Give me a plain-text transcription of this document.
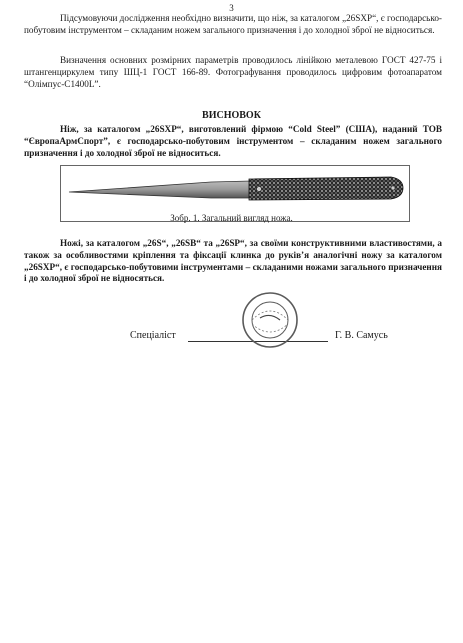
3
Підсумовуючи дослідження необхідно визначити, що ніж, за каталогом „26SXP“, є господарсько-побутовим інструментом – складаним ножем загального призначення і до холодної зброї не відноситься.
Визначення основних розмірних параметрів проводилось лінійкою металевою ГОСТ 427-75 і штангенциркулем типу ШЦ-1 ГОСТ 166-89. Фотографування проводилось цифровим фотоапаратом “Олімпус-С1400L”.
ВИСНОВОК
Ніж, за каталогом „26SXP“, виготовлений фірмою “Cold Steel” (США), наданий ТОВ “ЄвропаАрмСпорт”, є господарсько-побутовим інструментом – складаним ножем загального призначення і до холодної зброї не відноситься.
Зобр. 1. Загальний вигляд ножа.
Ножі, за каталогом „26S“, „26SB“ та „26SP“, за своїми конструктивними властивостями, а також за особливостями кріплення та фіксації клинка до руків’я аналогічні ножу за каталогом „26SXP“, є господарсько-побутовими інструментами – складаними ножами загального призначення і до холодної зброї не відносяться.
Спеціаліст	Г. В. Самусь
